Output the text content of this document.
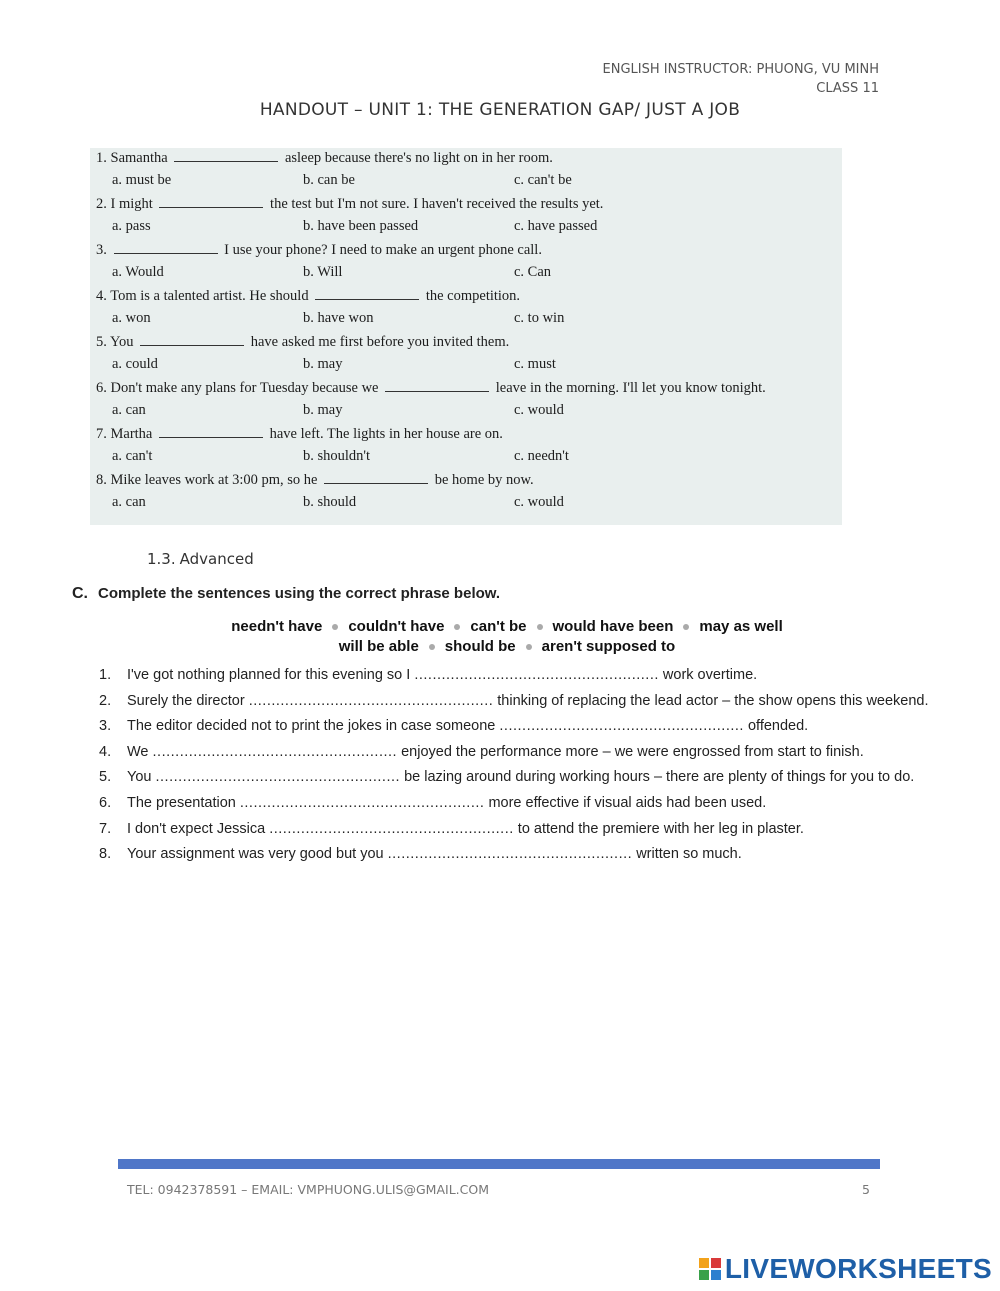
ENGLISH INSTRUCTOR: PHUONG, VU MINH
CLASS 11
HANDOUT – UNIT 1: THE GENERATION GAP/ JUST A JOB
1. Samantha	asleep because there's no light on in her room.
a. must be	b. can be	c. can't be
2. I might	the test but I'm not sure. I haven't received the results yet.
a. pass	b. have been passed	c. have passed
3.	I use your phone? I need to make an urgent phone call.
a. Would	b. Will	c. Can
4. Tom is a talented artist. He should	the competition.
a. won	b. have won	c. to win
5. You	have asked me first before you invited them.
a. could	b. may	c. must
6. Don't make any plans for Tuesday because we	leave in the morning. I'll let you know tonight.
a. can	b. may	c. would
7. Martha	have left. The lights in her house are on.
a. can't	b. shouldn't	c. needn't
8. Mike leaves work at 3:00 pm, so he	be home by now.
a. can	b. should	c. would
1.3. Advanced
C. Complete the sentences using the correct phrase below.
needn't have couldn't have can't be would have been may as well
will be able should be aren't supposed to
1. I've got nothing planned for this evening so I ...................................................... work overtime.
2. Surely the director ...................................................... thinking of replacing the lead actor – the show opens this weekend.
3. The editor decided not to print the jokes in case someone ...................................................... offended.
4. We ...................................................... enjoyed the performance more – we were engrossed from start to finish.
5. You ...................................................... be lazing around during working hours – there are plenty of things for you to do.
6. The presentation ...................................................... more effective if visual aids had been used.
7. I don't expect Jessica ...................................................... to attend the premiere with her leg in plaster.
8. Your assignment was very good but you ...................................................... written so much.
TEL: 0942378591 – EMAIL: VMPHUONG.ULIS@GMAIL.COM	5
LIVEWORKSHEETS
